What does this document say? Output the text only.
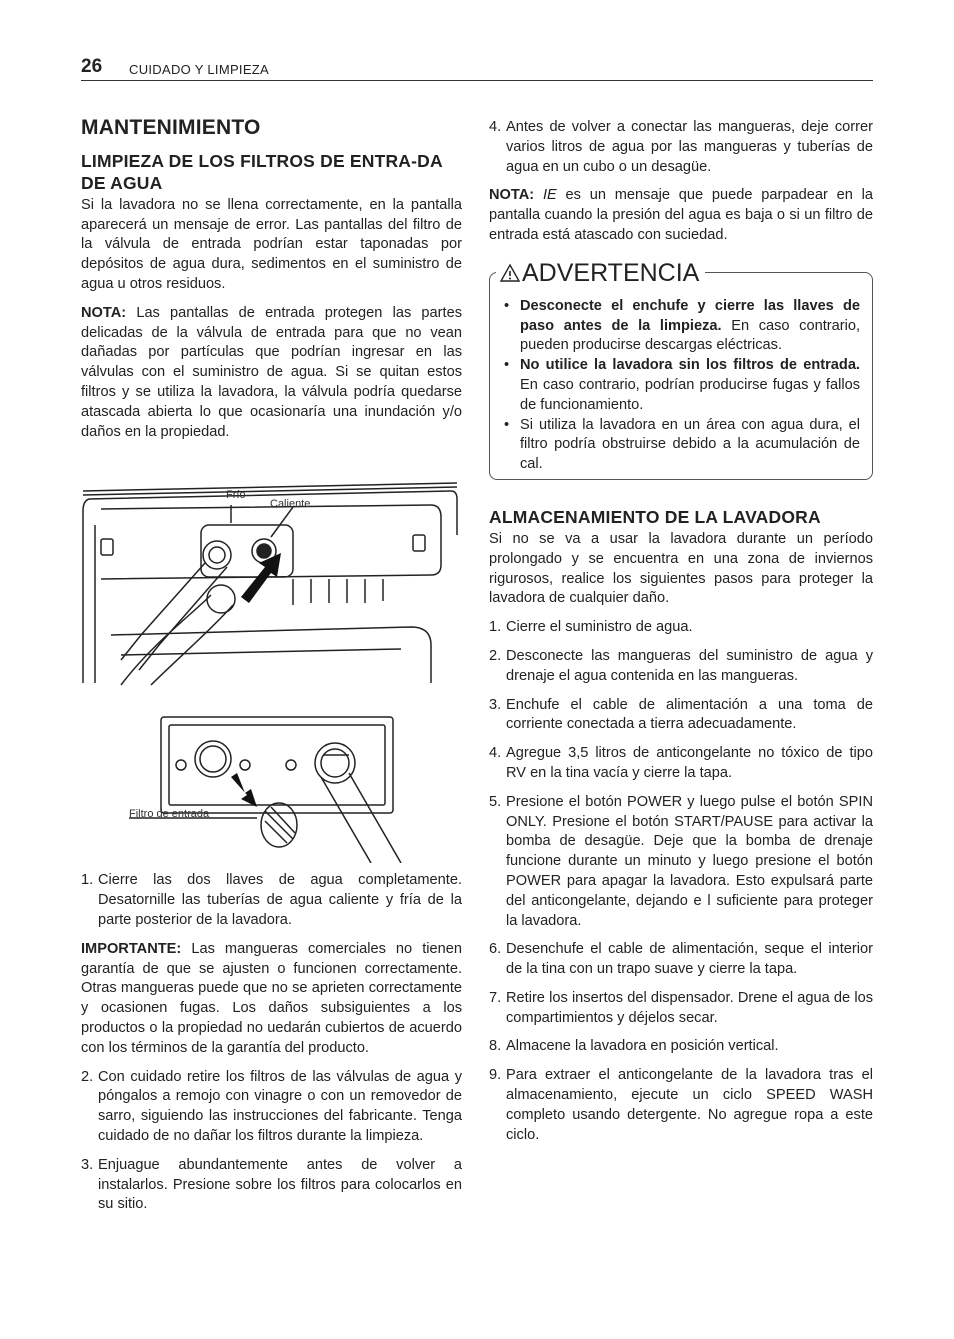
26 CUIDADO Y LIMPIEZA
MANTENIMIENTO
LIMPIEZA DE LOS FILTROS DE ENTRA-DA DE AGUA

Si la lavadora no se llena correctamente, en la pantalla aparecerá un mensaje de error. Las pantallas del filtro de la válvula de entrada podrían estar taponadas por depósitos de agua dura, sedimentos en el suministro de agua u otros residuos.

NOTA: Las pantallas de entrada protegen las partes delicadas de la válvula de entrada para que no vean dañadas por partículas que podrían ingresar en las válvulas con el suministro de agua. Si se quitan estos filtros y se utiliza la lavadora, la válvula podría quedarse atascada abierta lo que ocasionaría una inundación y/o daños en la propiedad.

Frío
Caliente
Filtro de entrada
1. Cierre las dos llaves de agua completamente. Desatornille las tuberías de agua caliente y fría de la parte posterior de la lavadora.

IMPORTANTE: Las mangueras comerciales no tienen garantía de que se ajusten o funcionen correctamente. Otras mangueras puede que no se aprieten correctamente y ocasionen fugas. Los daños subsiguientes a los productos o la propiedad no uedarán cubiertos de acuerdo con los términos de la garantía del producto.

2. Con cuidado retire los filtros de las válvulas de agua y póngalos a remojo con vinagre o con un removedor de sarro, siguiendo las instrucciones del fabricante. Tenga cuidado de no dañar los filtros durante la limpieza.
3. Enjuague abundantemente antes de volver a instalarlos. Presione sobre los filtros para colocarlos en su sitio.
4. Antes de volver a conectar las mangueras, deje correr varios litros de agua por las mangueras y tuberías de agua en un cubo o un desagüe.

NOTA: IE es un mensaje que puede parpadear en la pantalla cuando la presión del agua es baja o si un filtro de entrada está atascado con suciedad.

ADVERTENCIA
• Desconecte el enchufe y cierre las llaves de paso antes de la limpieza. En caso contrario, pueden producirse descargas eléctricas.
• No utilice la lavadora sin los filtros de entrada. En caso contrario, podrían producirse fugas y fallos de funcionamiento.
• Si utiliza la lavadora en un área con agua dura, el filtro podría obstruirse debido a la acumulación de cal.
ALMACENAMIENTO DE LA LAVADORA

Si no se va a usar la lavadora durante un período prolongado y se encuentra en una zona de inviernos rigurosos, realice los siguientes pasos para proteger la lavadora de cualquier daño.

1. Cierre el suministro de agua.
2. Desconecte las mangueras del suministro de agua y drenaje el agua contenida en las mangueras.
3. Enchufe el cable de alimentación a una toma de corriente conectada a tierra adecuadamente.
4. Agregue 3,5 litros de anticongelante no tóxico de tipo RV en la tina vacía y cierre la tapa.
5. Presione el botón POWER y luego pulse el botón SPIN ONLY. Presione el botón START/PAUSE para activar la bomba de desagüe. Deje que la bomba de drenaje funcione durante un minuto y luego presione el botón POWER para apagar la lavadora. Esto expulsará parte del anticongelante, dejando e l suficiente para proteger la lavadora.
6. Desenchufe el cable de alimentación, seque el interior de la tina con un trapo suave y cierre la tapa.
7. Retire los insertos del dispensador. Drene el agua de los compartimientos y déjelos secar.
8. Almacene la lavadora en posición vertical.
9. Para extraer el anticongelante de la lavadora tras el almacenamiento, ejecute un ciclo SPEED WASH completo usando detergente. No agregue ropa a este ciclo.
